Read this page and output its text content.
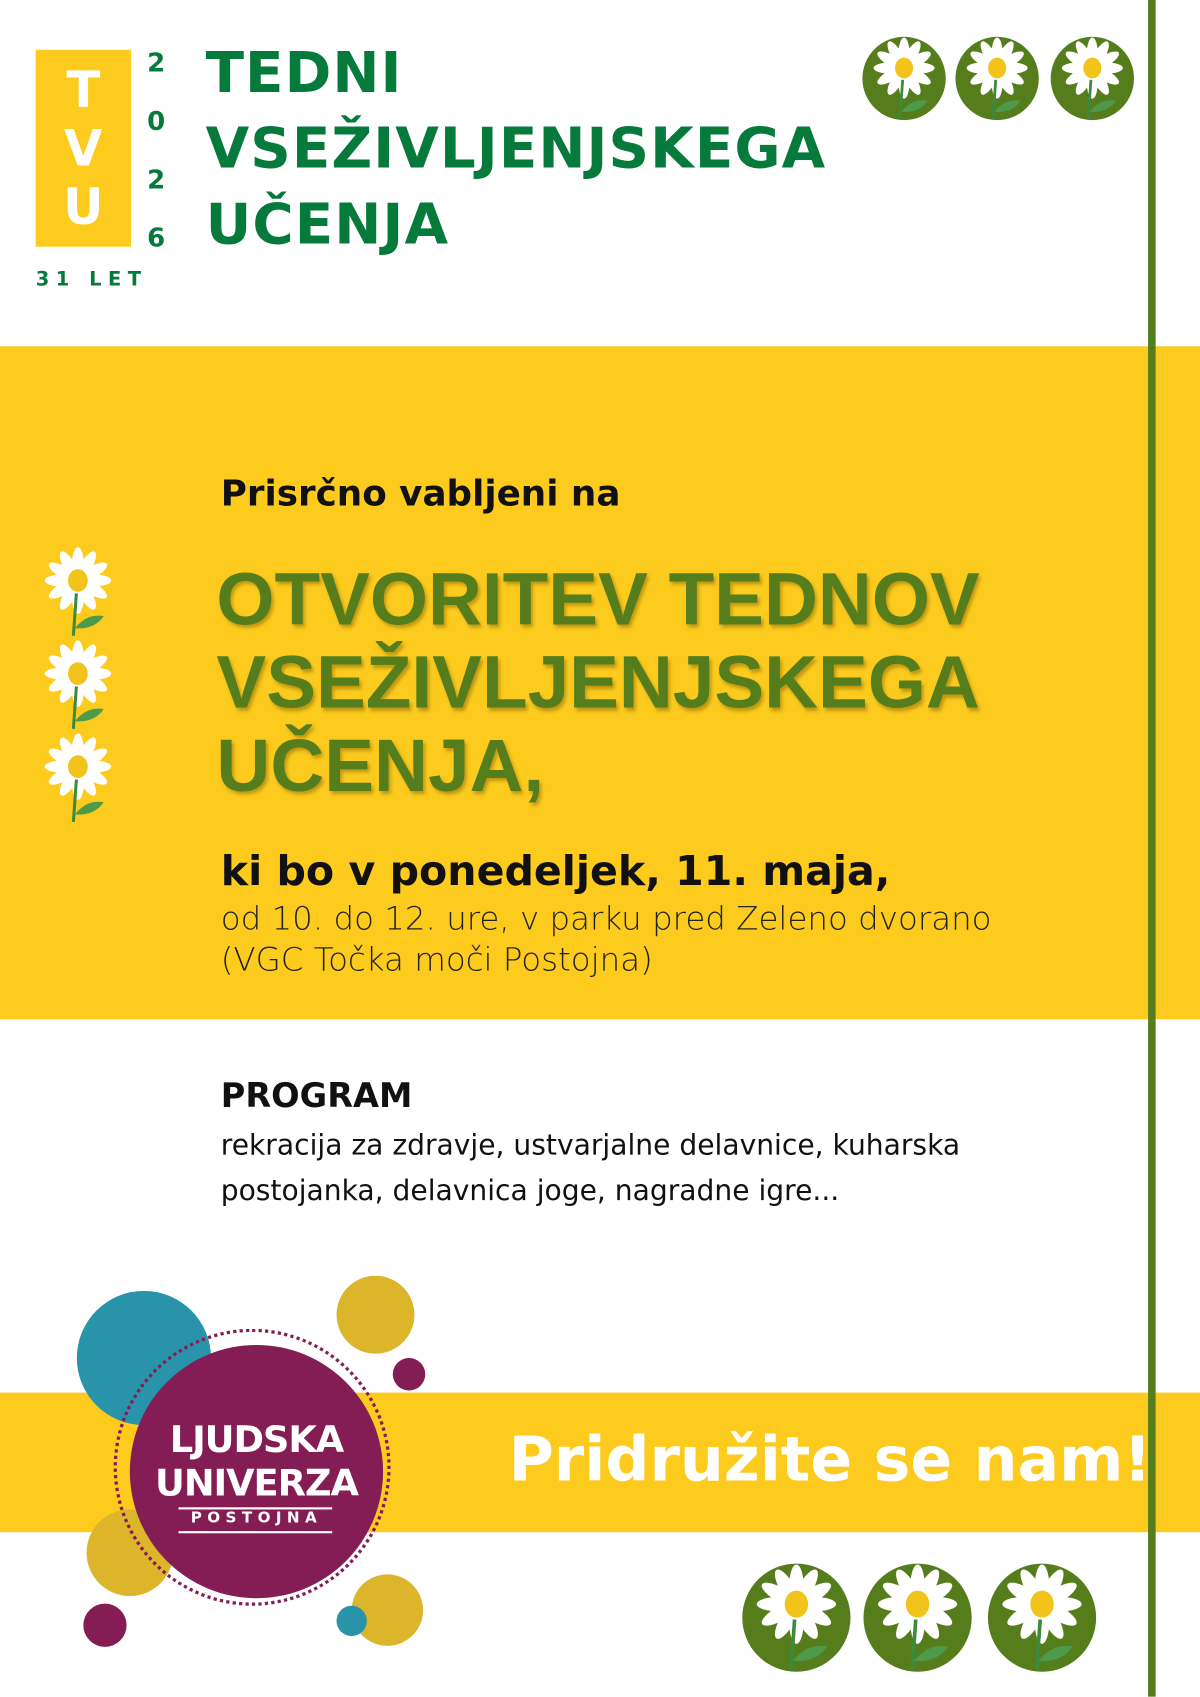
T
V
U
2
0
2
6
31 LET
TEDNI
VSEŽIVLJENJSKEGA
UČENJA
Prisrčno vabljeni na
OTVORITEV TEDNOV
VSEŽIVLJENJSKEGA
UČENJA,
ki bo v ponedeljek, 11. maja,
od 10. do 12. ure, v parku pred Zeleno dvorano
(VGC Točka moči Postojna)
PROGRAM
rekracija za zdravje, ustvarjalne delavnice, kuharska postojanka, delavnica joge, nagradne igre...
LJUDSKA
UNIVERZA
POSTOJNA
Pridružite se nam!
